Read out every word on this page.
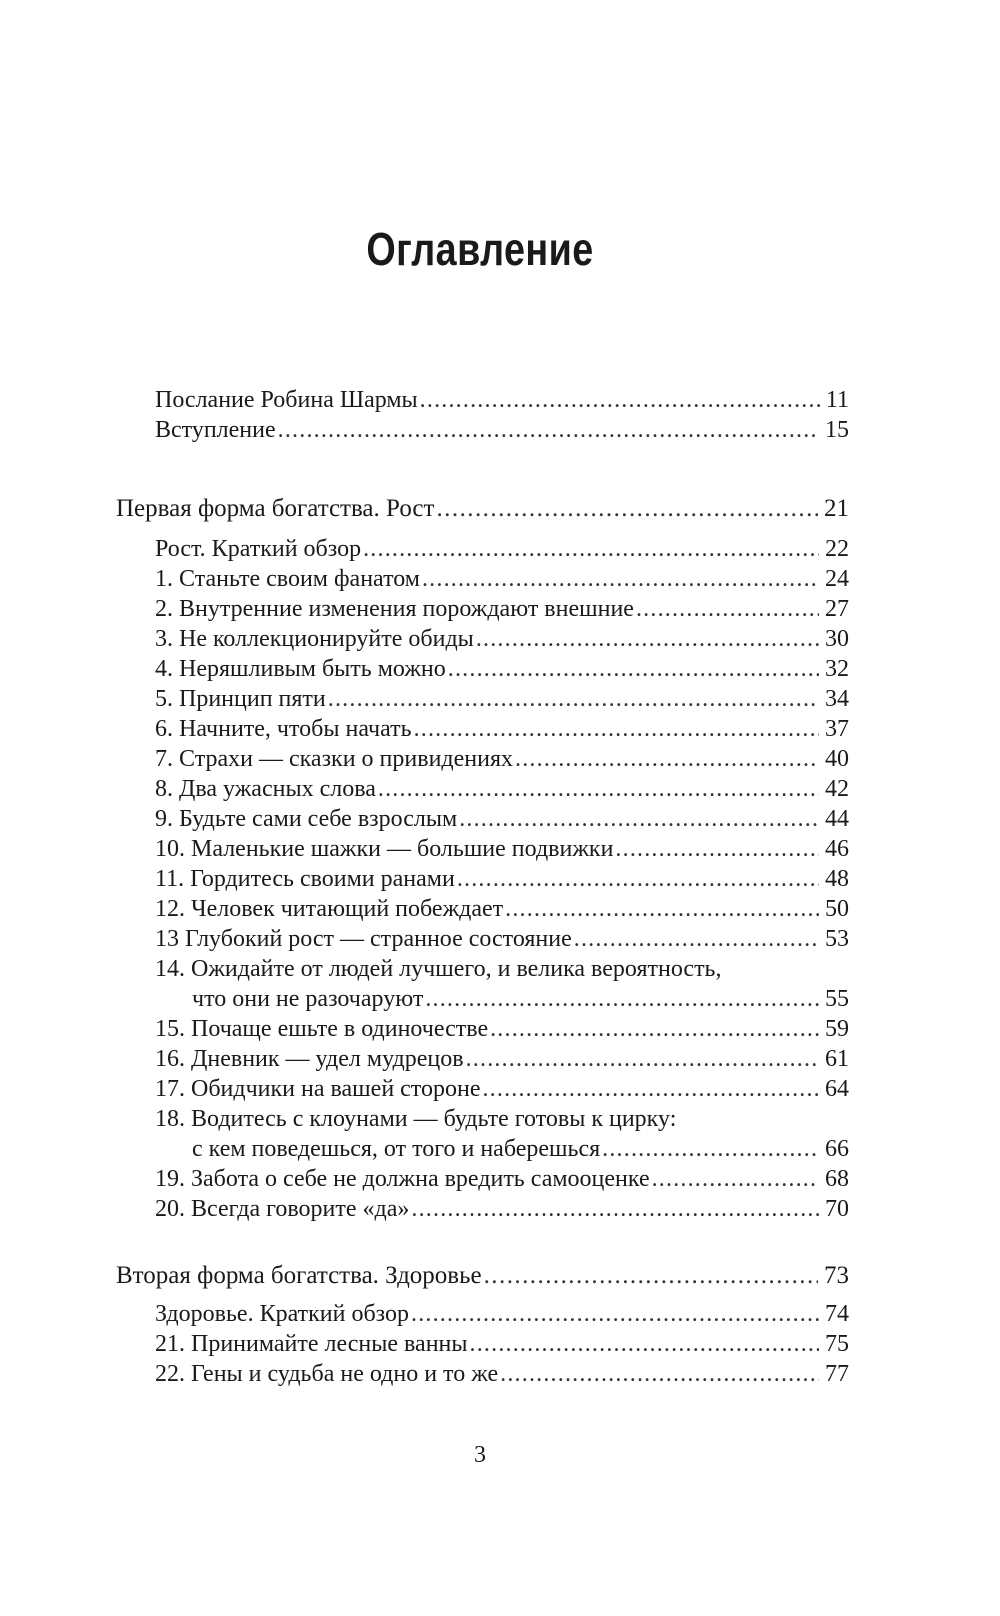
Оглавление
Послание Робина Шармы . . .	11
Вступление . . .	15
Первая форма богатства. Рост . . .	21
Рост. Краткий обзор . . .	22
1. Станьте своим фанатом . . .	24
2. Внутренние изменения порождают внешние . . .	27
3. Не коллекционируйте обиды . . .	30
4. Неряшливым быть можно . . .	32
5. Принцип пяти . . .	34
6. Начните, чтобы начать . . .	37
7. Страхи — сказки о привидениях . . .	40
8. Два ужасных слова . . .	42
9. Будьте сами себе взрослым . . .	44
10. Маленькие шажки — большие подвижки . . .	46
11. Гордитесь своими ранами . . .	48
12. Человек читающий побеждает . . .	50
13 Глубокий рост — странное состояние . . .	53
14. Ожидайте от людей лучшего, и велика вероятность,
что они не разочаруют . . .	55
15. Почаще ешьте в одиночестве . . .	59
16. Дневник — удел мудрецов . . .	61
17. Обидчики на вашей стороне . . .	64
18. Водитесь с клоунами — будьте готовы к цирку:
с кем поведешься, от того и наберешься . . .	66
19. Забота о себе не должна вредить самооценке . . .	68
20. Всегда говорите «да» . . .	70
Вторая форма богатства. Здоровье . . .	73
Здоровье. Краткий обзор . . .	74
21. Принимайте лесные ванны . . .	75
22. Гены и судьба не одно и то же . . .	77
3
